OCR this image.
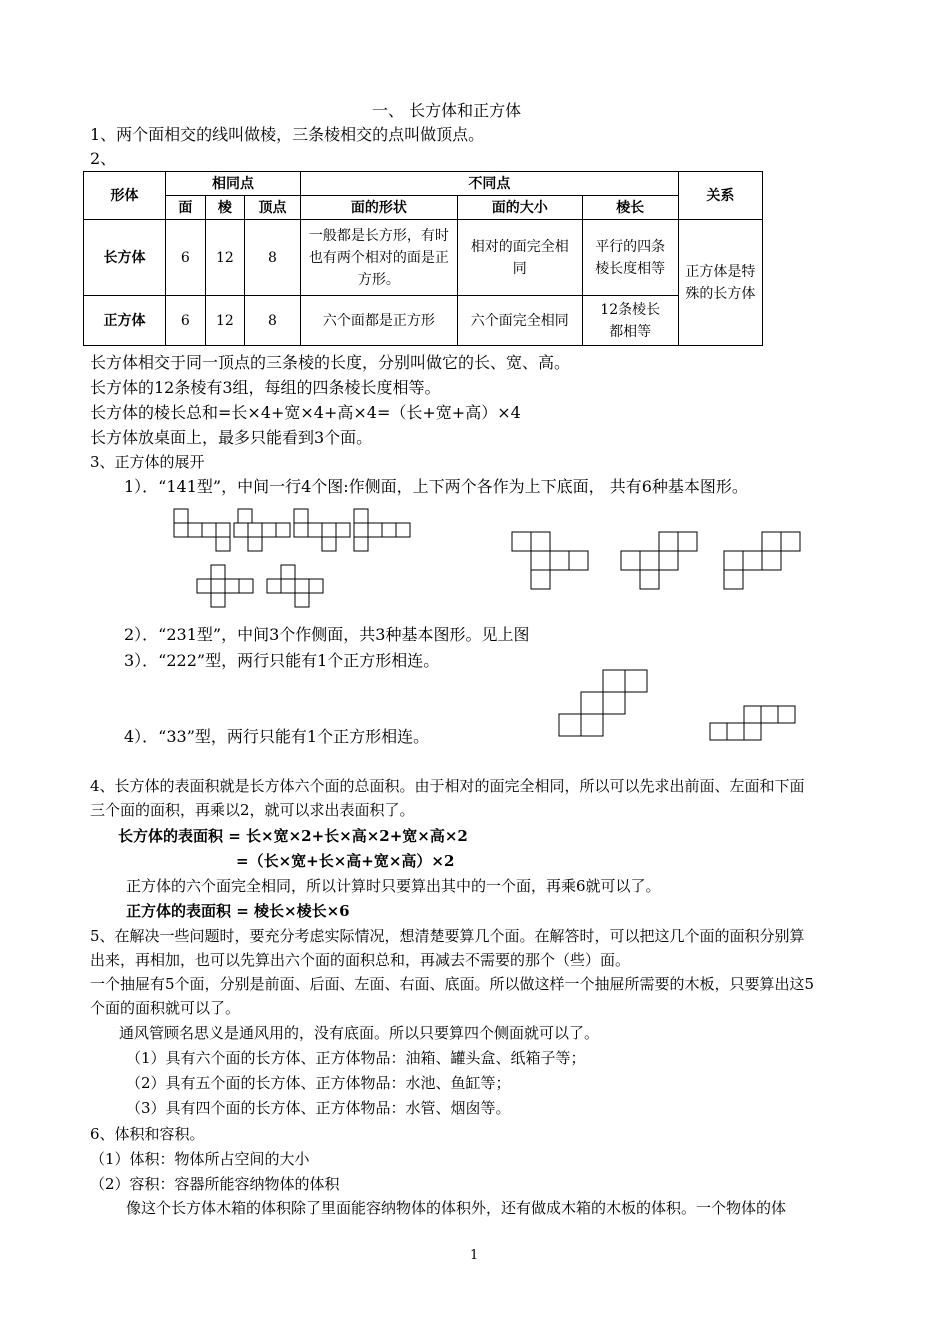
一、 长方体和正方体
1、两个面相交的线叫做棱，三条棱相交的点叫做顶点。
2、
形体	相同点			不同点			关系
	面	棱	顶点	面的形状	面的大小	棱长	
长方体	6	12	8	一般都是长方形，有时也有两个相对的面是正方形。	相对的面完全相同	平行的四条棱长度相等	正方体是特殊的长方体
正方体	6	12	8	六个面都是正方形	六个面完全相同	12条棱长都相等	
长方体相交于同一顶点的三条棱的长度，分别叫做它的长、宽、高。
长方体的12条棱有3组，每组的四条棱长度相等。
长方体的棱长总和=长×4+宽×4+高×4=（长+宽+高）×4
长方体放桌面上，最多只能看到3个面。
3、正方体的展开
1）．“141型”，中间一行4个图:作侧面，上下两个各作为上下底面， 共有6种基本图形。
2）．“231型”，中间3个作侧面，共3种基本图形。见上图
3）．“222”型，两行只能有1个正方形相连。
4）．“33”型，两行只能有1个正方形相连。
4、长方体的表面积就是长方体六个面的总面积。由于相对的面完全相同，所以可以先求出前面、左面和下面
三个面的面积，再乘以2，就可以求出表面积了。
长方体的表面积 = 长×宽×2+长×高×2+宽×高×2
=（长×宽+长×高+宽×高）×2
正方体的六个面完全相同，所以计算时只要算出其中的一个面，再乘6就可以了。
正方体的表面积 = 棱长×棱长×6
5、在解决一些问题时，要充分考虑实际情况，想清楚要算几个面。在解答时，可以把这几个面的面积分别算
出来，再相加，也可以先算出六个面的面积总和，再减去不需要的那个（些）面。
一个抽屉有5个面，分别是前面、后面、左面、右面、底面。所以做这样一个抽屉所需要的木板，只要算出这5
个面的面积就可以了。
通风管顾名思义是通风用的，没有底面。所以只要算四个侧面就可以了。
（1）具有六个面的长方体、正方体物品：油箱、罐头盒、纸箱子等；
（2）具有五个面的长方体、正方体物品：水池、鱼缸等；
（3）具有四个面的长方体、正方体物品：水管、烟囱等。
6、体积和容积。
（1）体积：物体所占空间的大小
（2）容积：容器所能容纳物体的体积
像这个长方体木箱的体积除了里面能容纳物体的体积外，还有做成木箱的木板的体积。一个物体的体
1
